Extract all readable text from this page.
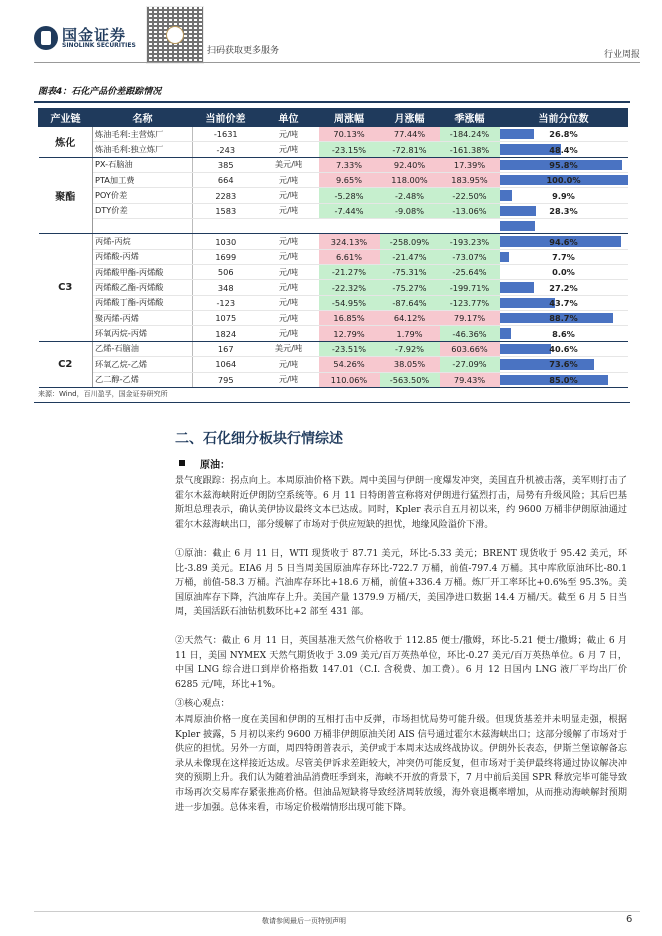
国金证券
SINOLINK SECURITIES
扫码获取更多服务	行业周报
图表4：石化产品价差跟踪情况
产业链	名称	当前价差	单位	周涨幅	月涨幅	季涨幅	当前分位数
炼化	炼油毛利:主营炼厂	-1631	元/吨	70.13%	77.44%	-184.24%	26.8%

	炼油毛利:独立炼厂	-243	元/吨	-23.15%	-72.81%	-161.38%	48.4%

聚酯	PX-石脑油	385	美元/吨	7.33%	92.40%	17.39%	95.8%

	PTA加工费	664	元/吨	9.65%	118.00%	183.95%	100.0%

	POY价差	2283	元/吨	-5.28%	-2.48%	-22.50%	9.9%

	DTY价差	1583	元/吨	-7.44%	-9.08%	-13.06%	28.3%

C3	丙烯-丙烷	1030	元/吨	324.13%	-258.09%	-193.23%	94.6%

	丙烯酸-丙烯	1699	元/吨	6.61%	-21.47%	-73.07%	7.7%

	丙烯酸甲酯-丙烯酸	506	元/吨	-21.27%	-75.31%	-25.64%	0.0%

	丙烯酸乙酯-丙烯酸	348	元/吨	-22.32%	-75.27%	-199.71%	27.2%

	丙烯酸丁酯-丙烯酸	-123	元/吨	-54.95%	-87.64%	-123.77%	43.7%

	聚丙烯-丙烯	1075	元/吨	16.85%	64.12%	79.17%	88.7%

	环氧丙烷-丙烯	1824	元/吨	12.79%	1.79%	-46.36%	8.6%

C2	乙烯-石脑油	167	美元/吨	-23.51%	-7.92%	603.66%	40.6%

	环氧乙烷-乙烯	1064	元/吨	54.26%	38.05%	-27.09%	73.6%

	乙二醇-乙烯	795	元/吨	110.06%	-563.50%	79.43%	85.0%
来源：Wind，百川盈孚，国金证券研究所
二、石化细分板块行情综述
原油：

景气度跟踪：拐点向上。本周原油价格下跌。周中美国与伊朗一度爆发冲突，美国直升机被击落，美军则打击了霍尔木兹海峡附近伊朗防空系统等。6 月 11 日特朗普宣称将对伊朗进行猛烈打击，局势有升级风险；其后巴基斯坦总理表示，确认美伊协议最终文本已达成。同时，Kpler 表示自五月初以来，约 9600 万桶非伊朗原油通过霍尔木兹海峡出口，部分缓解了市场对于供应短缺的担忧，地缘风险溢价下滑。

①原油：截止 6 月 11 日，WTI 现货收于 87.71 美元，环比-5.33 美元；BRENT 现货收于 95.42 美元，环比-3.89 美元。EIA6 月 5 日当周美国原油库存环比-722.7 万桶，前值-797.4 万桶。其中库欣原油环比-80.1 万桶，前值-58.3 万桶。汽油库存环比+18.6 万桶，前值+336.4 万桶。炼厂开工率环比+0.6%至 95.3%。美国原油库存下降，汽油库存上升。美国产量 1379.9 万桶/天，美国净进口数据 14.4 万桶/天。截至 6 月 5 日当周，美国活跃石油钻机数环比+2 部至 431 部。

②天然气：截止 6 月 11 日，英国基准天然气价格收于 112.85 便士/撒姆，环比-5.21 便士/撒姆；截止 6 月 11 日，美国 NYMEX 天然气期货收于 3.09 美元/百万英热单位，环比-0.27 美元/百万英热单位。6 月 7 日，中国 LNG 综合进口到岸价格指数 147.01（C.I. 含税费、加工费）。6 月 12 日国内 LNG 液厂平均出厂价 6285 元/吨，环比+1%。

③核心观点：

本周原油价格一度在美国和伊朗的互相打击中反弹，市场担忧局势可能升级。但现货基差并未明显走强，根据 Kpler 披露，5 月初以来约 9600 万桶非伊朗原油关闭 AIS 信号通过霍尔木兹海峡出口；这部分缓解了市场对于供应的担忧。另外一方面，周四特朗普表示，美伊或于本周末达成终战协议。伊朗外长表态，伊斯兰堡谅解备忘录从未像现在这样接近达成。尽管美伊诉求差距较大，冲突仍可能反复，但市场对于美伊最终将通过协议解决冲突的预期上升。我们认为随着油品消费旺季到来，海峡不开放的背景下，7 月中前后美国 SPR 释放完毕可能导致市场再次交易库存紧张推高价格。但油品短缺将导致经济周转放缓，海外衰退概率增加，从而推动海峡解封预期进一步加强。总体来看，市场定价极端情形出现可能下降。

敬请参阅最后一页特别声明	6
